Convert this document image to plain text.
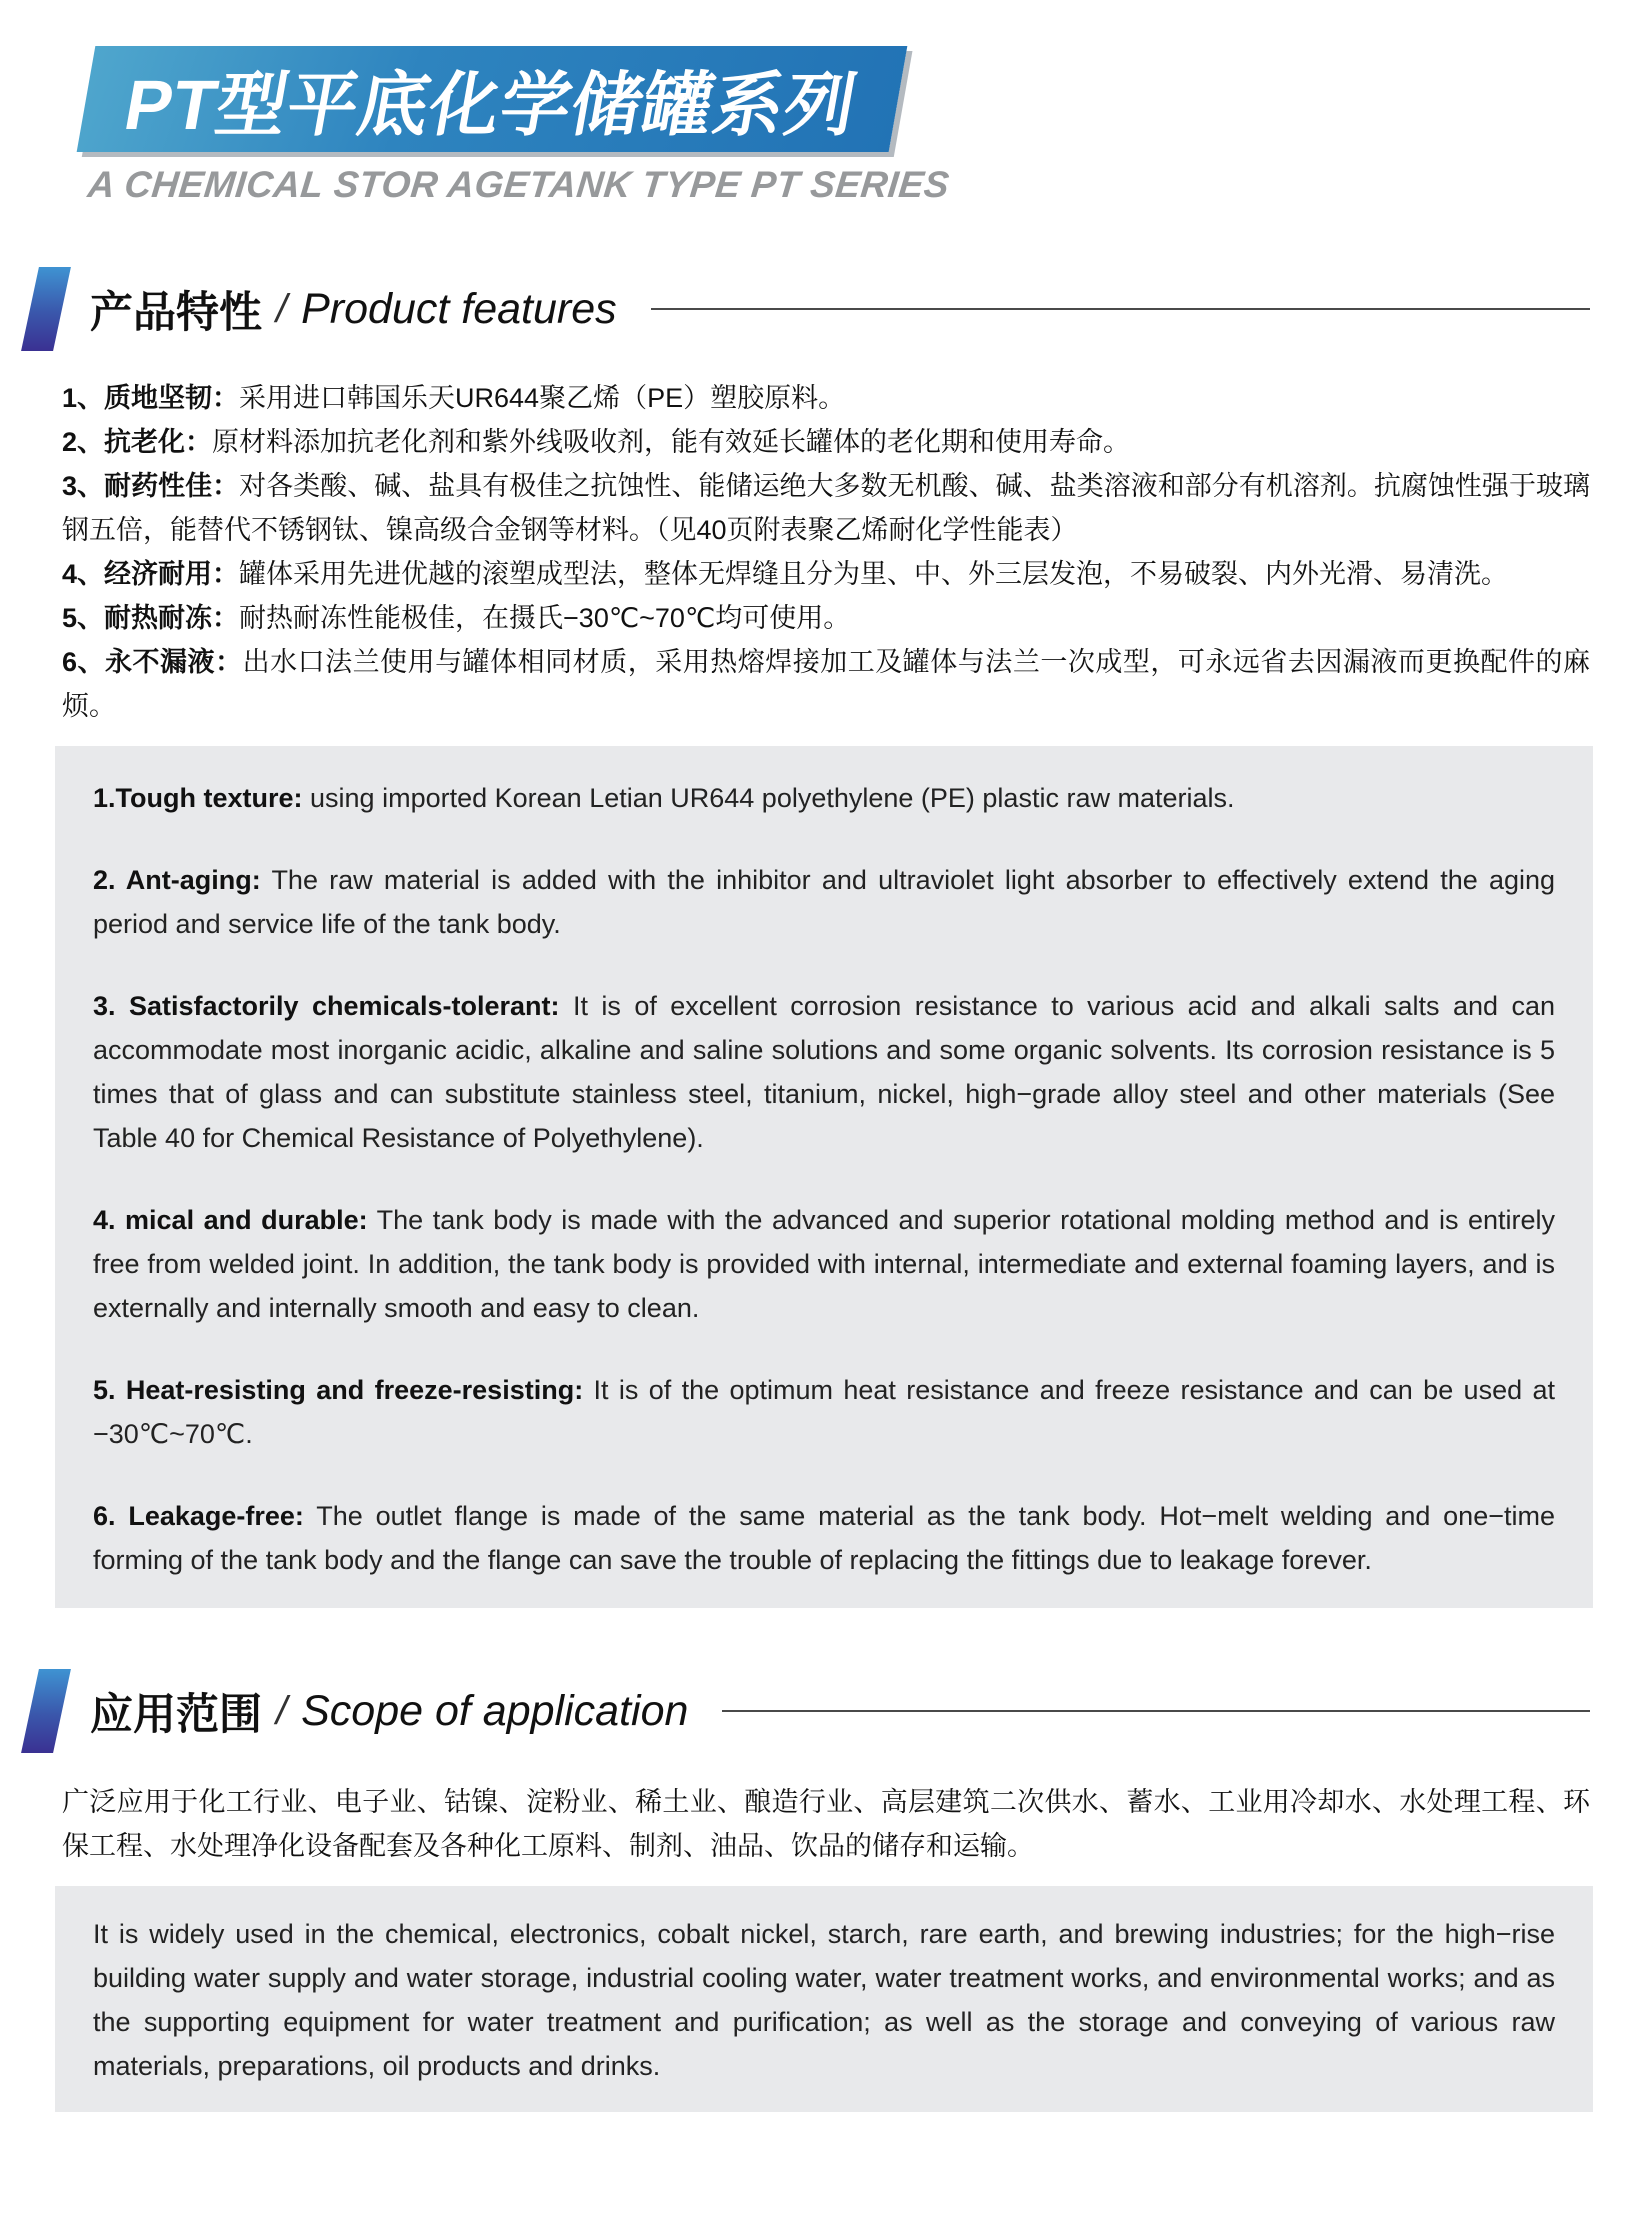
PT型平底化学储罐系列
A CHEMICAL STOR AGETANK TYPE PT SERIES
产品特性 / Product features
1、质地坚韧：采用进口韩国乐天UR644聚乙烯（PE）塑胶原料。
2、抗老化：原材料添加抗老化剂和紫外线吸收剂，能有效延长罐体的老化期和使用寿命。
3、耐药性佳：对各类酸、碱、盐具有极佳之抗蚀性、能储运绝大多数无机酸、碱、盐类溶液和部分有机溶剂。抗腐蚀性强于玻璃钢五倍，能替代不锈钢钛、镍高级合金钢等材料。（见40页附表聚乙烯耐化学性能表）
4、经济耐用：罐体采用先进优越的滚塑成型法，整体无焊缝且分为里、中、外三层发泡，不易破裂、内外光滑、易清洗。
5、耐热耐冻：耐热耐冻性能极佳，在摄氏−30℃~70℃均可使用。
6、永不漏液：出水口法兰使用与罐体相同材质，采用热熔焊接加工及罐体与法兰一次成型，可永远省去因漏液而更换配件的麻烦。

1.Tough texture: using imported Korean Letian UR644 polyethylene (PE) plastic raw materials.

2. Ant-aging: The raw material is added with the inhibitor and ultraviolet light absorber to effectively extend the aging period and service life of the tank body.

3. Satisfactorily chemicals-tolerant: It is of excellent corrosion resistance to various acid and alkali salts and can accommodate most inorganic acidic, alkaline and saline solutions and some organic solvents. Its corrosion resistance is 5 times that of glass and can substitute stainless steel, titanium, nickel, high−grade alloy steel and other materials (See Table 40 for Chemical Resistance of Polyethylene).

4. mical and durable: The tank body is made with the advanced and superior rotational molding method and is entirely free from welded joint. In addition, the tank body is provided with internal, intermediate and external foaming layers, and is externally and internally smooth and easy to clean.

5. Heat-resisting and freeze-resisting: It is of the optimum heat resistance and freeze resistance and can be used at −30℃~70℃.

6. Leakage-free: The outlet flange is made of the same material as the tank body. Hot−melt welding and one−time forming of the tank body and the flange can save the trouble of replacing the fittings due to leakage forever.

应用范围 / Scope of application
广泛应用于化工行业、电子业、钴镍、淀粉业、稀土业、酿造行业、高层建筑二次供水、蓄水、工业用冷却水、水处理工程、环保工程、水处理净化设备配套及各种化工原料、制剂、油品、饮品的储存和运输。

It is widely used in the chemical, electronics, cobalt nickel, starch, rare earth, and brewing industries; for the high−rise building water supply and water storage, industrial cooling water, water treatment works, and environmental works; and as the supporting equipment for water treatment and purification; as well as the storage and conveying of various raw materials, preparations, oil products and drinks.
